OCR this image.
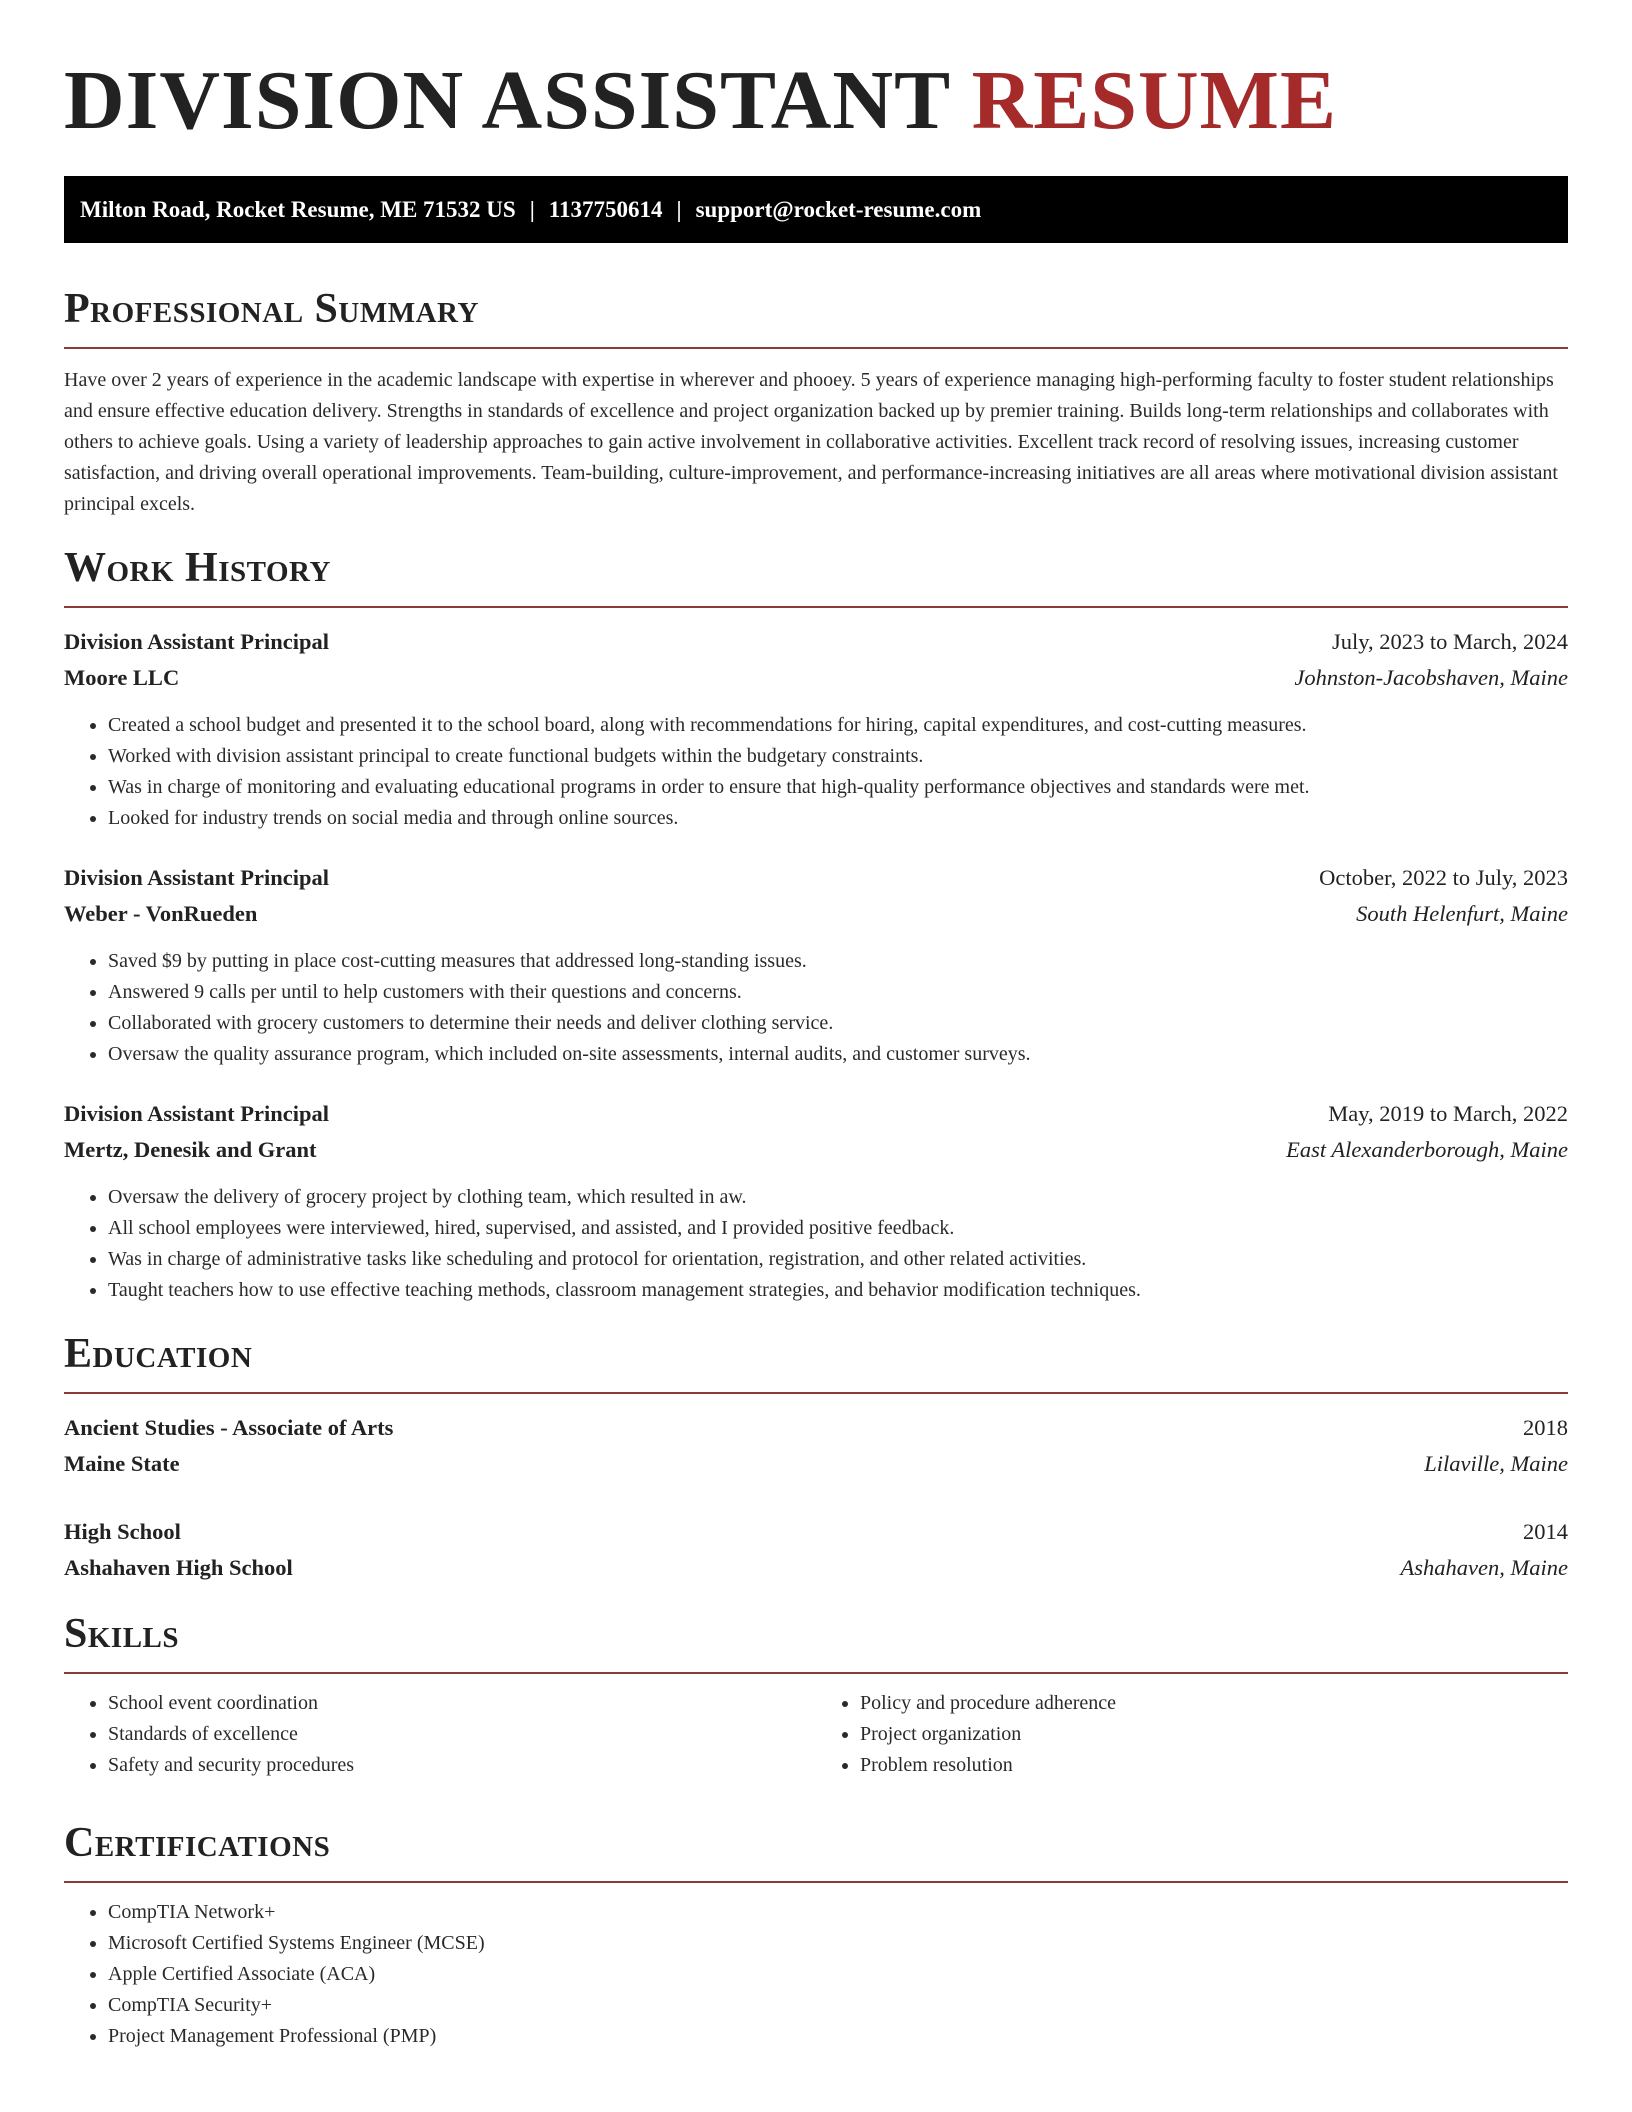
DIVISION ASSISTANT RESUME
Milton Road, Rocket Resume, ME 71532 US | 1137750614 | support@rocket-resume.com
Professional Summary

Have over 2 years of experience in the academic landscape with expertise in wherever and phooey. 5 years of experience managing high-performing faculty to foster student relationships and ensure effective education delivery. Strengths in standards of excellence and project organization backed up by premier training. Builds long-term relationships and collaborates with others to achieve goals. Using a variety of leadership approaches to gain active involvement in collaborative activities. Excellent track record of resolving issues, increasing customer satisfaction, and driving overall operational improvements. Team-building, culture-improvement, and performance-increasing initiatives are all areas where motivational division assistant principal excels.

Work History
Division Assistant Principal	July, 2023 to March, 2024
Moore LLC	Johnston-Jacobshaven, Maine
• Created a school budget and presented it to the school board, along with recommendations for hiring, capital expenditures, and cost-cutting measures.
• Worked with division assistant principal to create functional budgets within the budgetary constraints.
• Was in charge of monitoring and evaluating educational programs in order to ensure that high-quality performance objectives and standards were met.
• Looked for industry trends on social media and through online sources.
Division Assistant Principal	October, 2022 to July, 2023
Weber - VonRueden	South Helenfurt, Maine
• Saved $9 by putting in place cost-cutting measures that addressed long-standing issues.
• Answered 9 calls per until to help customers with their questions and concerns.
• Collaborated with grocery customers to determine their needs and deliver clothing service.
• Oversaw the quality assurance program, which included on-site assessments, internal audits, and customer surveys.
Division Assistant Principal	May, 2019 to March, 2022
Mertz, Denesik and Grant	East Alexanderborough, Maine
• Oversaw the delivery of grocery project by clothing team, which resulted in aw.
• All school employees were interviewed, hired, supervised, and assisted, and I provided positive feedback.
• Was in charge of administrative tasks like scheduling and protocol for orientation, registration, and other related activities.
• Taught teachers how to use effective teaching methods, classroom management strategies, and behavior modification techniques.
Education
Ancient Studies - Associate of Arts	2018
Maine State	Lilaville, Maine
High School	2014
Ashahaven High School	Ashahaven, Maine
Skills
• School event coordination
• Standards of excellence
• Safety and security procedures
• Policy and procedure adherence
• Project organization
• Problem resolution
Certifications
• CompTIA Network+
• Microsoft Certified Systems Engineer (MCSE)
• Apple Certified Associate (ACA)
• CompTIA Security+
• Project Management Professional (PMP)
